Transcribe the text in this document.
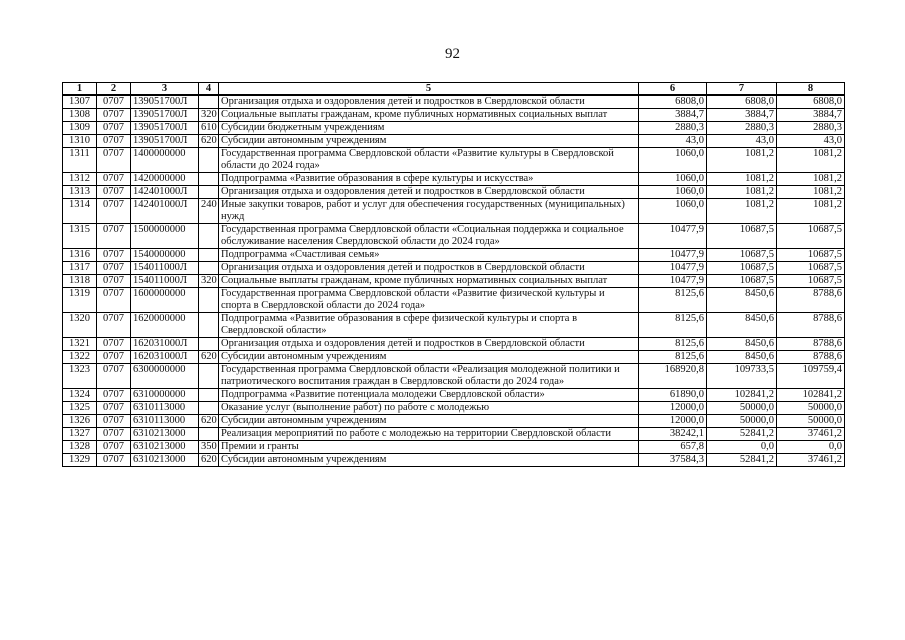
92
1	2	3	4	5	6	7	8
1307	0707	139051700Л		Организация отдыха и оздоровления детей и подростков в Свердловской области	6808,0	6808,0	6808,0
1308	0707	139051700Л	320	Социальные выплаты гражданам, кроме публичных нормативных социальных выплат	3884,7	3884,7	3884,7
1309	0707	139051700Л	610	Субсидии бюджетным учреждениям	2880,3	2880,3	2880,3
1310	0707	139051700Л	620	Субсидии автономным учреждениям	43,0	43,0	43,0
1311	0707	1400000000		Государственная программа Свердловской области «Развитие культуры в Свердловской области до 2024 года»	1060,0	1081,2	1081,2
1312	0707	1420000000		Подпрограмма «Развитие образования в сфере культуры и искусства»	1060,0	1081,2	1081,2
1313	0707	142401000Л		Организация отдыха и оздоровления детей и подростков в Свердловской области	1060,0	1081,2	1081,2
1314	0707	142401000Л	240	Иные закупки товаров, работ и услуг для обеспечения государственных (муниципальных) нужд	1060,0	1081,2	1081,2
1315	0707	1500000000		Государственная программа Свердловской области «Социальная поддержка и социальное обслуживание населения Свердловской области до 2024 года»	10477,9	10687,5	10687,5
1316	0707	1540000000		Подпрограмма «Счастливая семья»	10477,9	10687,5	10687,5
1317	0707	154011000Л		Организация отдыха и оздоровления детей и подростков в Свердловской области	10477,9	10687,5	10687,5
1318	0707	154011000Л	320	Социальные выплаты гражданам, кроме публичных нормативных социальных выплат	10477,9	10687,5	10687,5
1319	0707	1600000000		Государственная программа Свердловской области «Развитие физической культуры и спорта в Свердловской области до 2024 года»	8125,6	8450,6	8788,6
1320	0707	1620000000		Подпрограмма «Развитие образования в сфере физической культуры и спорта в Свердловской области»	8125,6	8450,6	8788,6
1321	0707	162031000Л		Организация отдыха и оздоровления детей и подростков в Свердловской области	8125,6	8450,6	8788,6
1322	0707	162031000Л	620	Субсидии автономным учреждениям	8125,6	8450,6	8788,6
1323	0707	6300000000		Государственная программа Свердловской области «Реализация молодежной политики и патриотического воспитания граждан в Свердловской области до 2024 года»	168920,8	109733,5	109759,4
1324	0707	6310000000		Подпрограмма «Развитие потенциала молодежи Свердловской области»	61890,0	102841,2	102841,2
1325	0707	6310113000		Оказание услуг (выполнение работ) по работе с молодежью	12000,0	50000,0	50000,0
1326	0707	6310113000	620	Субсидии автономным учреждениям	12000,0	50000,0	50000,0
1327	0707	6310213000		Реализация мероприятий по работе с молодежью на территории Свердловской области	38242,1	52841,2	37461,2
1328	0707	6310213000	350	Премии и гранты	657,8	0,0	0,0
1329	0707	6310213000	620	Субсидии автономным учреждениям	37584,3	52841,2	37461,2
